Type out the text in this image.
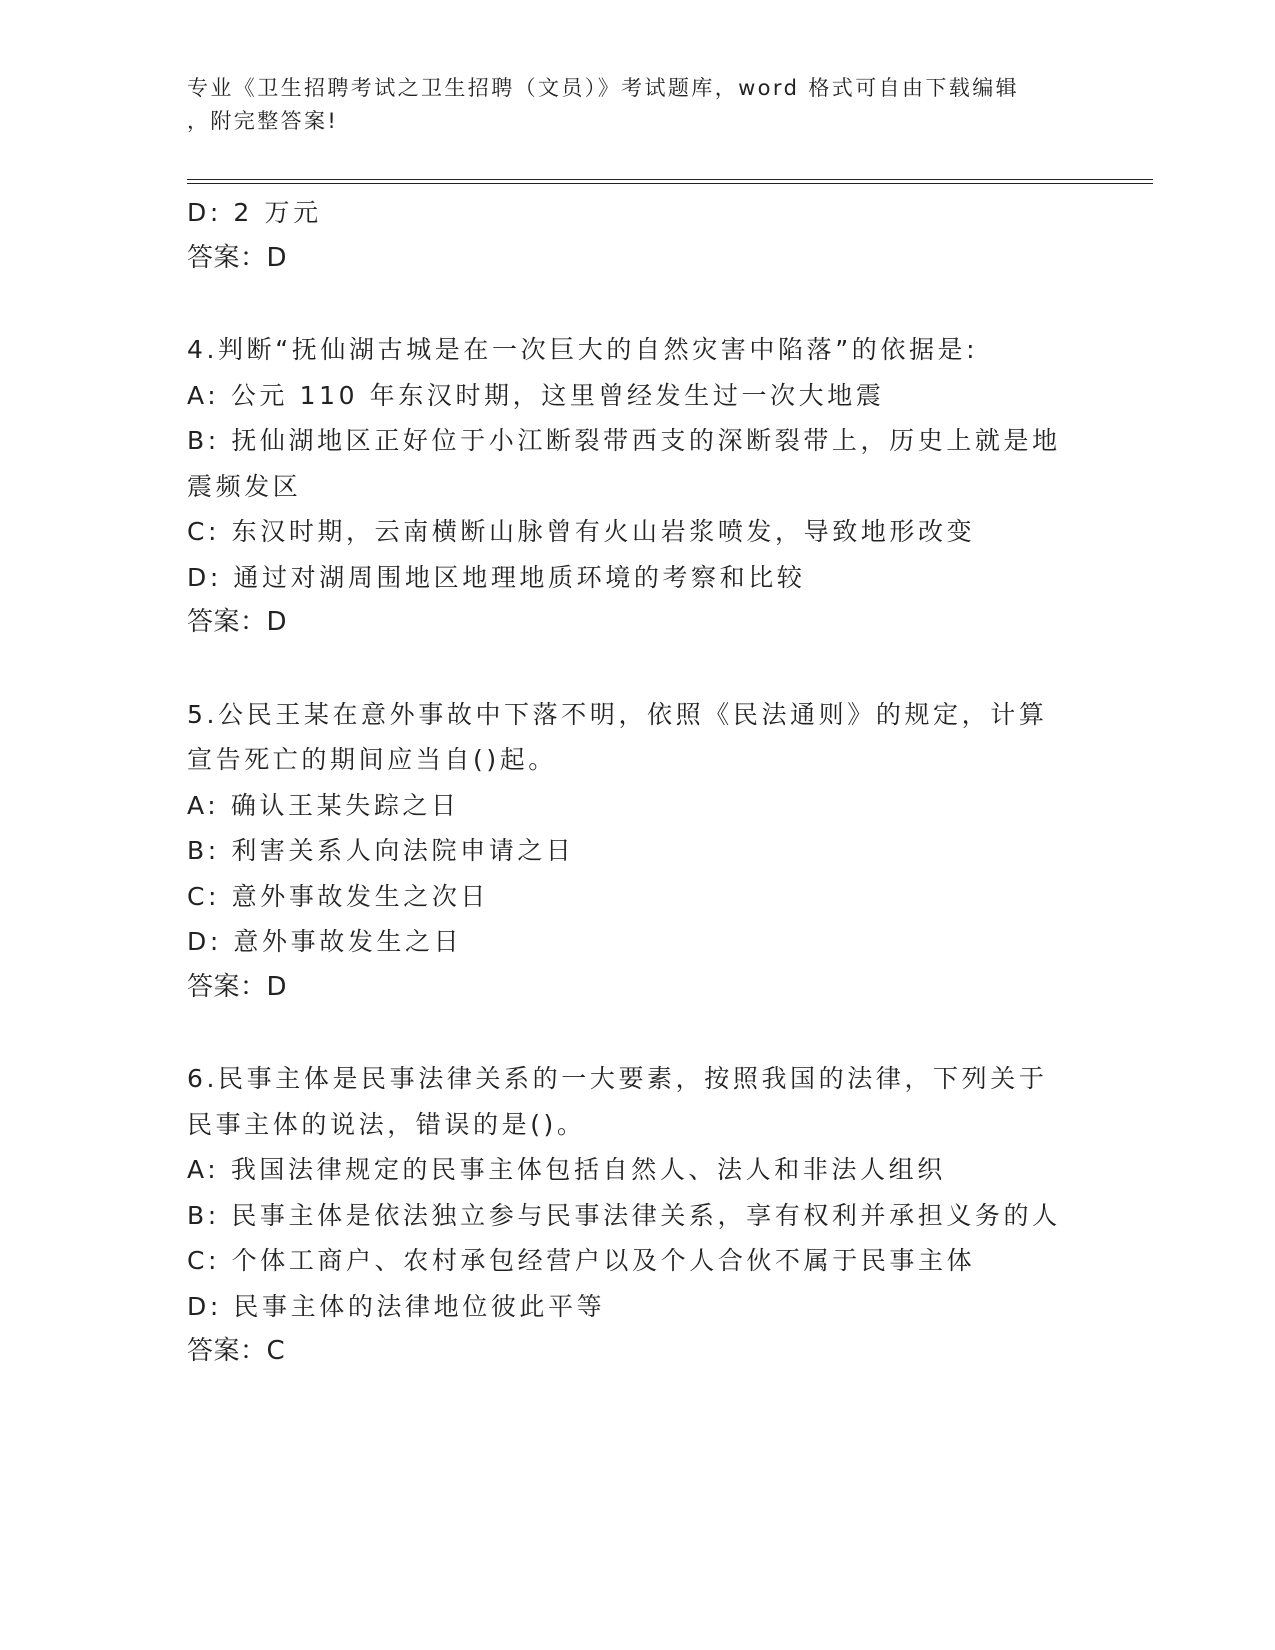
专业《卫生招聘考试之卫生招聘（文员）》考试题库，word 格式可自由下载编辑
，附完整答案!
D: 2 万元
答案：D
4.判断“抚仙湖古城是在一次巨大的自然灾害中陷落”的依据是:
A: 公元 110 年东汉时期，这里曾经发生过一次大地震
B: 抚仙湖地区正好位于小江断裂带西支的深断裂带上，历史上就是地
震频发区
C: 东汉时期，云南横断山脉曾有火山岩浆喷发，导致地形改变
D: 通过对湖周围地区地理地质环境的考察和比较
答案：D
5.公民王某在意外事故中下落不明，依照《民法通则》的规定，计算
宣告死亡的期间应当自()起。
A: 确认王某失踪之日
B: 利害关系人向法院申请之日
C: 意外事故发生之次日
D: 意外事故发生之日
答案：D
6.民事主体是民事法律关系的一大要素，按照我国的法律，下列关于
民事主体的说法，错误的是()。
A: 我国法律规定的民事主体包括自然人、法人和非法人组织
B: 民事主体是依法独立参与民事法律关系，享有权利并承担义务的人
C: 个体工商户、农村承包经营户以及个人合伙不属于民事主体
D: 民事主体的法律地位彼此平等
答案：C
